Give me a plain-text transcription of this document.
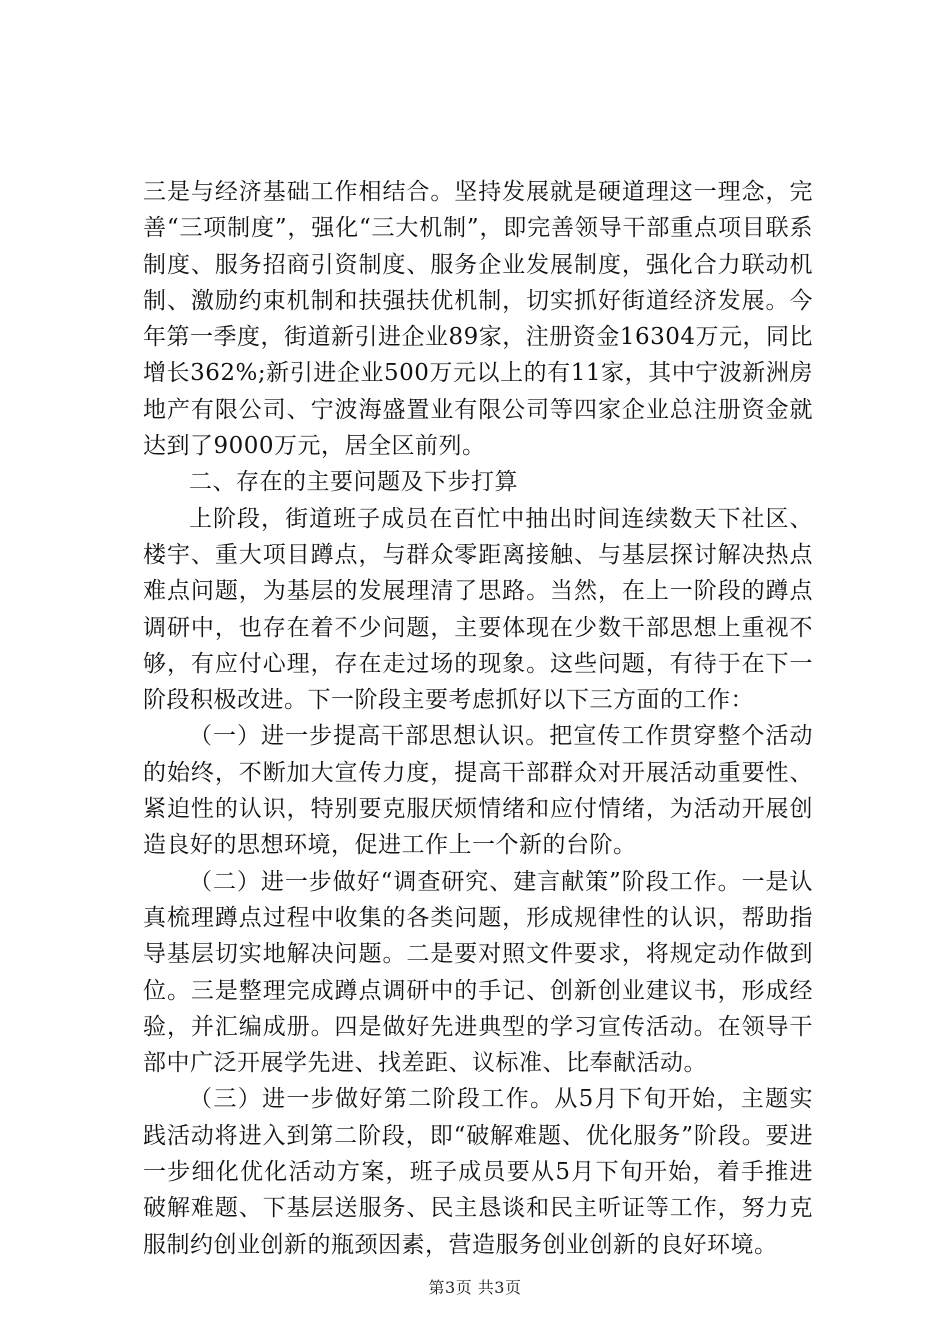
三是与经济基础工作相结合。坚持发展就是硬道理这一理念，完善“三项制度”，强化“三大机制”，即完善领导干部重点项目联系制度、服务招商引资制度、服务企业发展制度，强化合力联动机制、激励约束机制和扶强扶优机制，切实抓好街道经济发展。今年第一季度，街道新引进企业89家，注册资金16304万元，同比增长362%;新引进企业500万元以上的有11家，其中宁波新洲房地产有限公司、宁波海盛置业有限公司等四家企业总注册资金就达到了9000万元，居全区前列。

二、存在的主要问题及下步打算

上阶段，街道班子成员在百忙中抽出时间连续数天下社区、楼宇、重大项目蹲点，与群众零距离接触、与基层探讨解决热点难点问题，为基层的发展理清了思路。当然，在上一阶段的蹲点调研中，也存在着不少问题，主要体现在少数干部思想上重视不够，有应付心理，存在走过场的现象。这些问题，有待于在下一阶段积极改进。下一阶段主要考虑抓好以下三方面的工作：

（一）进一步提高干部思想认识。把宣传工作贯穿整个活动的始终，不断加大宣传力度，提高干部群众对开展活动重要性、紧迫性的认识，特别要克服厌烦情绪和应付情绪，为活动开展创造良好的思想环境，促进工作上一个新的台阶。

（二）进一步做好“调查研究、建言献策”阶段工作。一是认真梳理蹲点过程中收集的各类问题，形成规律性的认识，帮助指导基层切实地解决问题。二是要对照文件要求，将规定动作做到位。三是整理完成蹲点调研中的手记、创新创业建议书，形成经验，并汇编成册。四是做好先进典型的学习宣传活动。在领导干部中广泛开展学先进、找差距、议标准、比奉献活动。

（三）进一步做好第二阶段工作。从5月下旬开始，主题实践活动将进入到第二阶段，即“破解难题、优化服务”阶段。要进一步细化优化活动方案，班子成员要从5月下旬开始，着手推进破解难题、下基层送服务、民主恳谈和民主听证等工作，努力克服制约创业创新的瓶颈因素，营造服务创业创新的良好环境。

第3页 共3页
